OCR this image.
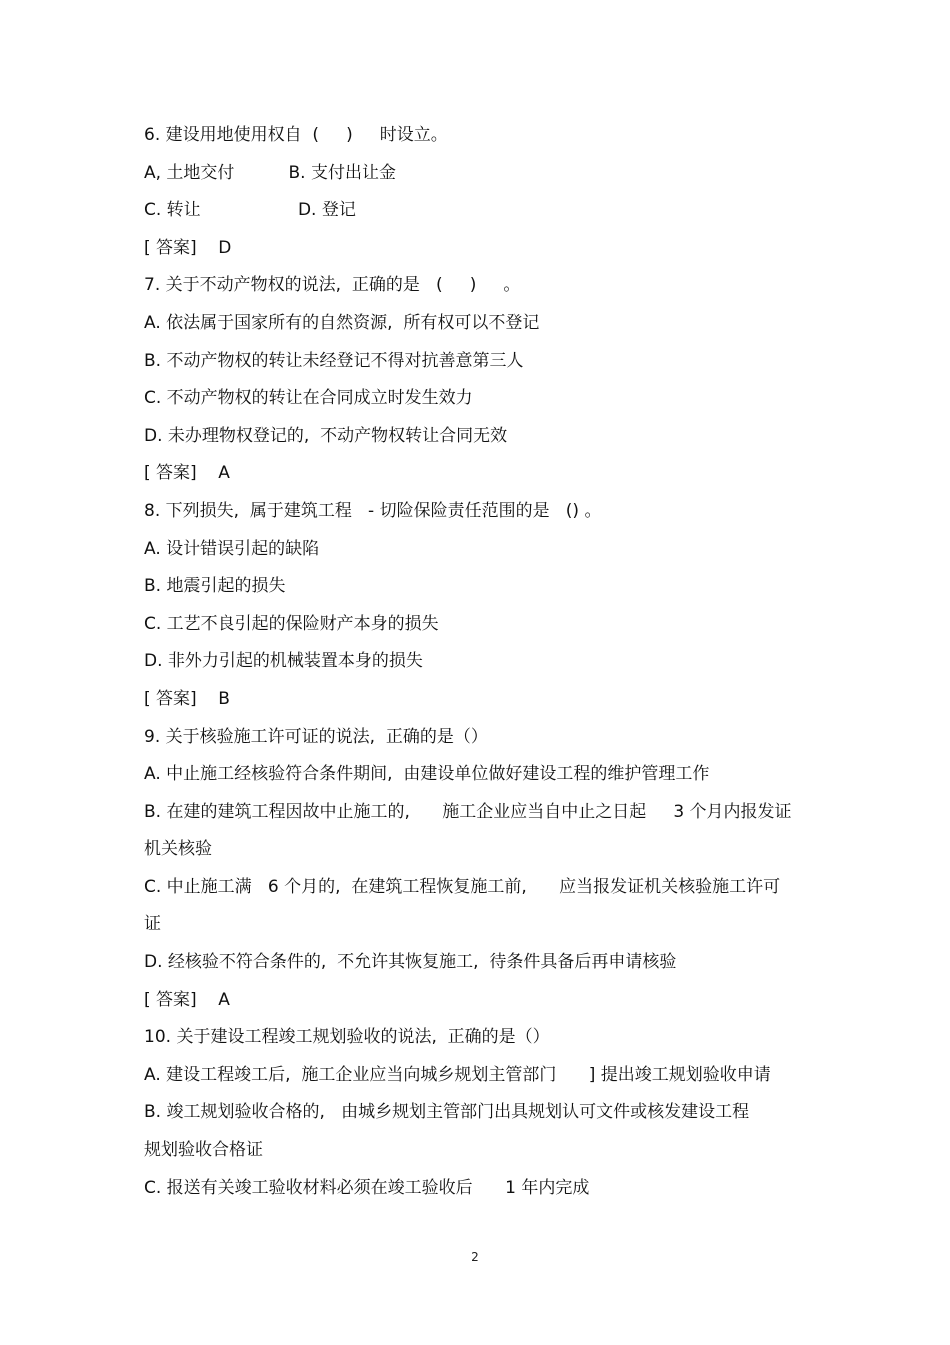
6. 建设用地使用权自  (     )     时设立。
A, 土地交付          B. 支付出让金
C. 转让                  D. 登记
[ 答案]    D
7. 关于不动产物权的说法,  正确的是   (     )     。
A. 依法属于国家所有的自然资源,  所有权可以不登记
B. 不动产物权的转让未经登记不得对抗善意第三人
C. 不动产物权的转让在合同成立时发生效力
D. 未办理物权登记的,  不动产物权转让合同无效
[ 答案]    A
8. 下列损失,  属于建筑工程   - 切险保险责任范围的是   () 。
A. 设计错误引起的缺陷
B. 地震引起的损失
C. 工艺不良引起的保险财产本身的损失
D. 非外力引起的机械装置本身的损失
[ 答案]    B
9. 关于核验施工许可证的说法,  正确的是（）
A. 中止施工经核验符合条件期间,  由建设单位做好建设工程的维护管理工作
B. 在建的建筑工程因故中止施工的,      施工企业应当自中止之日起     3 个月内报发证
机关核验
C. 中止施工满   6 个月的,  在建筑工程恢复施工前,      应当报发证机关核验施工许可
证
D. 经核验不符合条件的,  不允许其恢复施工,  待条件具备后再申请核验
[ 答案]    A
10. 关于建设工程竣工规划验收的说法,  正确的是（）
A. 建设工程竣工后,  施工企业应当向城乡规划主管部门      ] 提出竣工规划验收申请
B. 竣工规划验收合格的,   由城乡规划主管部门出具规划认可文件或核发建设工程
规划验收合格证
C. 报送有关竣工验收材料必须在竣工验收后      1 年内完成
2
